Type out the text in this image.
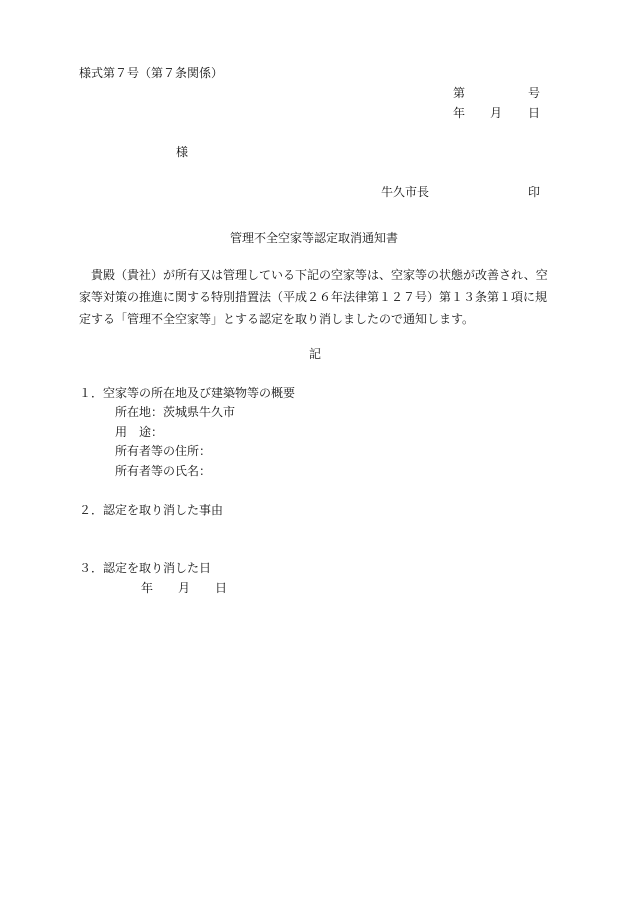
様式第７号（第７条関係）
第	号
年 月 日
様
牛久市長	印
管理不全空家等認定取消通知書
貴殿（貴社）が所有又は管理している下記の空家等は、空家等の状態が改善され、空
家等対策の推進に関する特別措置法（平成２６年法律第１２７号）第１３条第１項に規
定する「管理不全空家等」とする認定を取り消しましたので通知します。
記
１．空家等の所在地及び建築物等の概要
所在地：茨城県牛久市
用　途：
所有者等の住所：
所有者等の氏名：
２．認定を取り消した事由
３．認定を取り消した日
年 月 日
